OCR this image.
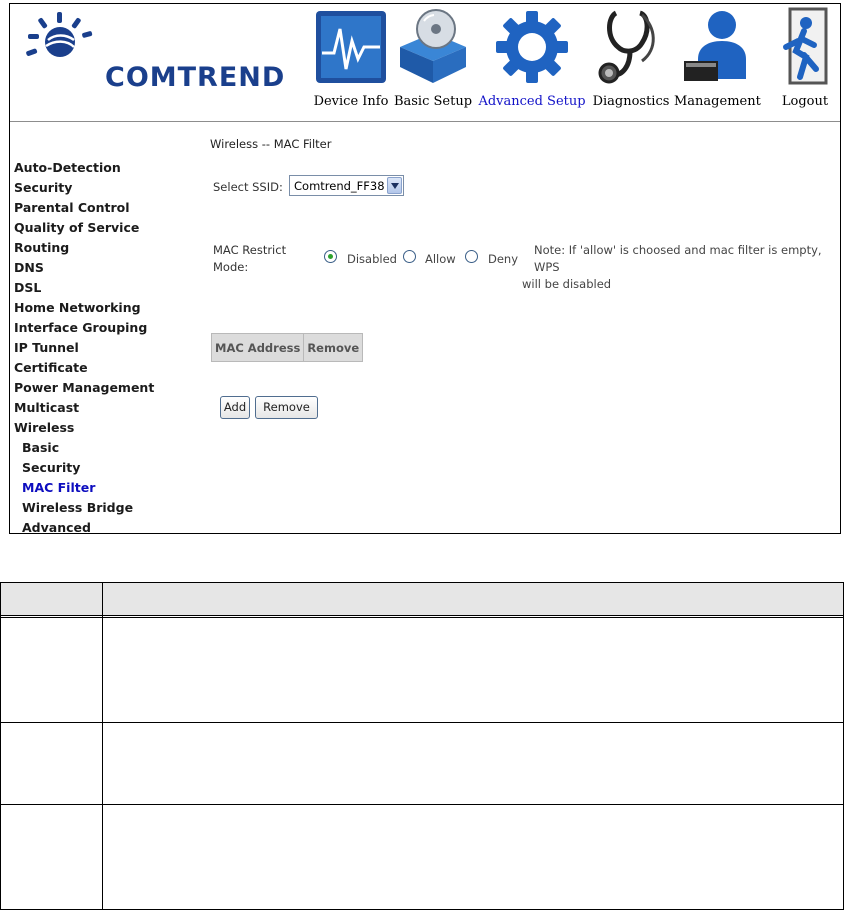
COMTREND
Device Info Basic Setup Advanced Setup Diagnostics Management	Logout
Auto-Detection
Security
Parental Control
Quality of Service
Routing
DNS
DSL
Home Networking
Interface Grouping
IP Tunnel
Certificate
Power Management
Multicast
Wireless
Basic
Security
MAC Filter
Wireless Bridge
Advanced
Wireless -- MAC Filter
Select SSID: Comtrend_FF38
MAC Restrict
Mode:
Disabled Allow	Deny
Note: If 'allow' is choosed and mac filter is empty, WPS
will be disabled
MAC Address	Remove
Add	Remove
